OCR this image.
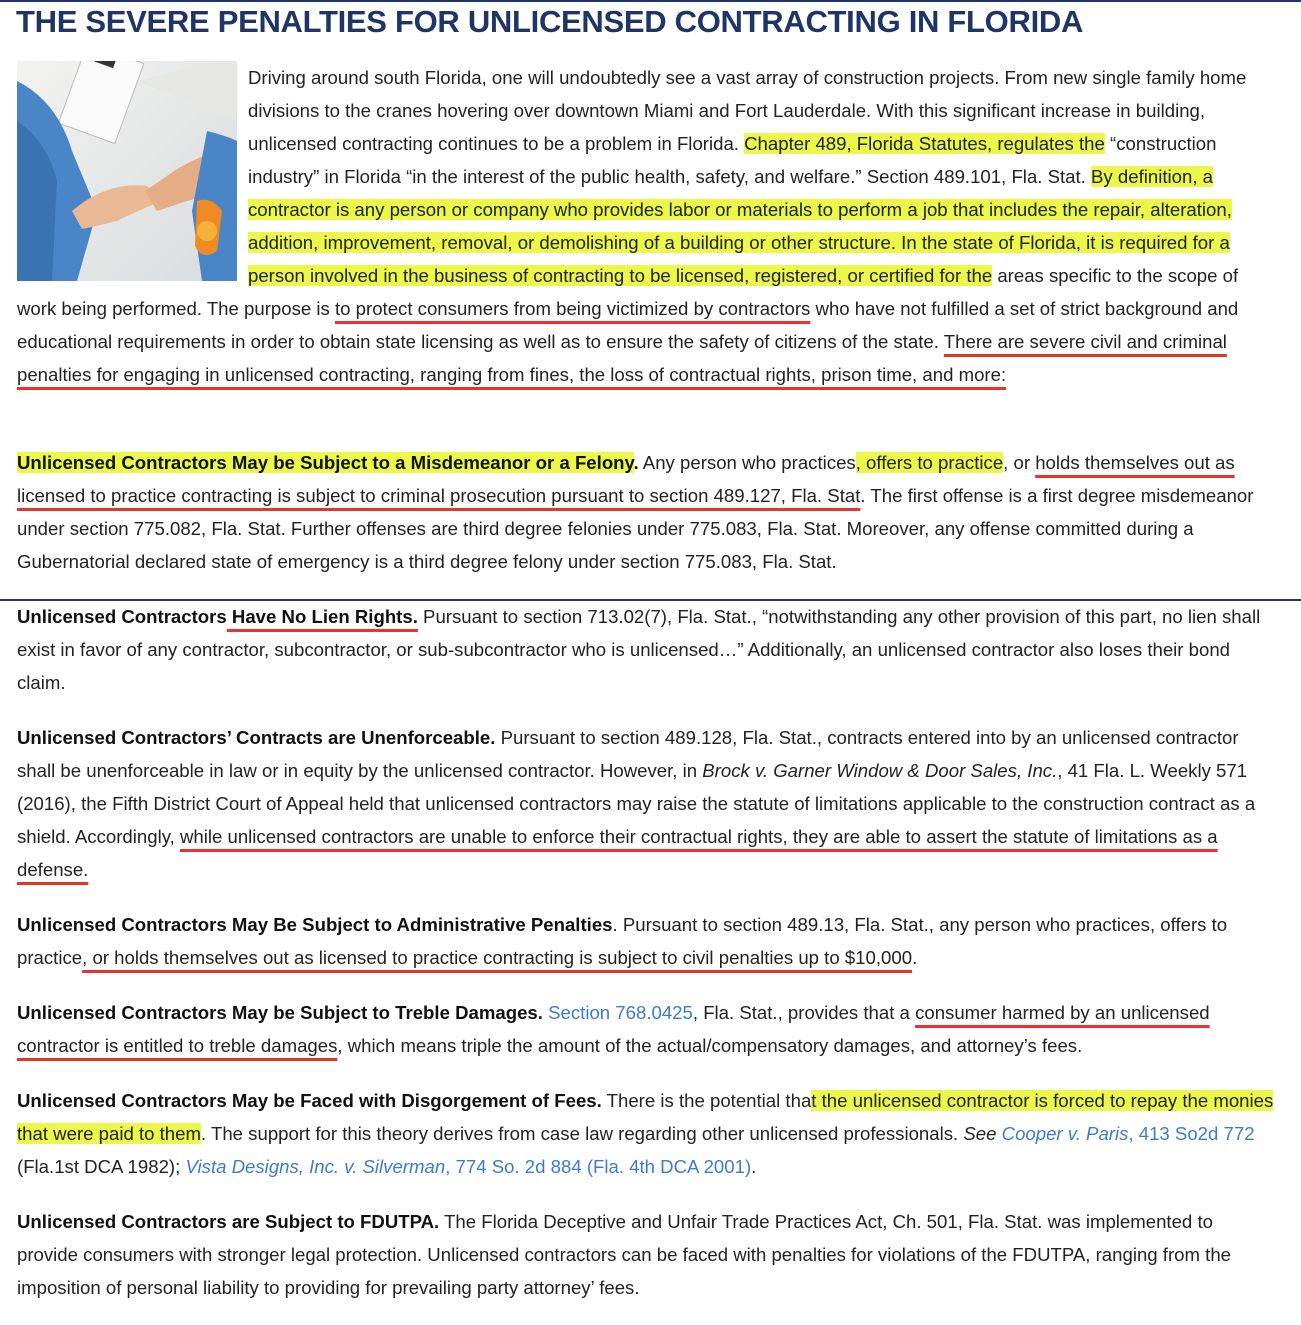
THE SEVERE PENALTIES FOR UNLICENSED CONTRACTING IN FLORIDA
Driving around south Florida, one will undoubtedly see a vast array of construction projects. From new single family home divisions to the cranes hovering over downtown Miami and Fort Lauderdale. With this significant increase in building, unlicensed contracting continues to be a problem in Florida. Chapter 489, Florida Statutes, regulates the “construction industry” in Florida “in the interest of the public health, safety, and welfare.” Section 489.101, Fla. Stat. By definition, a contractor is any person or company who provides labor or materials to perform a job that includes the repair, alteration, addition, improvement, removal, or demolishing of a building or other structure. In the state of Florida, it is required for a person involved in the business of contracting to be licensed, registered, or certified for the areas specific to the scope of work being performed. The purpose is to protect consumers from being victimized by contractors who have not fulfilled a set of strict background and educational requirements in order to obtain state licensing as well as to ensure the safety of citizens of the state. There are severe civil and criminal penalties for engaging in unlicensed contracting, ranging from fines, the loss of contractual rights, prison time, and more:
Unlicensed Contractors May be Subject to a Misdemeanor or a Felony. Any person who practices, offers to practice, or holds themselves out as licensed to practice contracting is subject to criminal prosecution pursuant to section 489.127, Fla. Stat. The first offense is a first degree misdemeanor under section 775.082, Fla. Stat. Further offenses are third degree felonies under 775.083, Fla. Stat. Moreover, any offense committed during a Gubernatorial declared state of emergency is a third degree felony under section 775.083, Fla. Stat.
Unlicensed Contractors Have No Lien Rights. Pursuant to section 713.02(7), Fla. Stat., “notwithstanding any other provision of this part, no lien shall exist in favor of any contractor, subcontractor, or sub-subcontractor who is unlicensed…” Additionally, an unlicensed contractor also loses their bond claim.
Unlicensed Contractors’ Contracts are Unenforceable. Pursuant to section 489.128, Fla. Stat., contracts entered into by an unlicensed contractor shall be unenforceable in law or in equity by the unlicensed contractor. However, in Brock v. Garner Window & Door Sales, Inc., 41 Fla. L. Weekly 571 (2016), the Fifth District Court of Appeal held that unlicensed contractors may raise the statute of limitations applicable to the construction contract as a shield. Accordingly, while unlicensed contractors are unable to enforce their contractual rights, they are able to assert the statute of limitations as a defense.
Unlicensed Contractors May Be Subject to Administrative Penalties. Pursuant to section 489.13, Fla. Stat., any person who practices, offers to practice, or holds themselves out as licensed to practice contracting is subject to civil penalties up to $10,000.
Unlicensed Contractors May be Subject to Treble Damages. Section 768.0425, Fla. Stat., provides that a consumer harmed by an unlicensed contractor is entitled to treble damages, which means triple the amount of the actual/compensatory damages, and attorney’s fees.
Unlicensed Contractors May be Faced with Disgorgement of Fees. There is the potential that the unlicensed contractor is forced to repay the monies that were paid to them. The support for this theory derives from case law regarding other unlicensed professionals. See Cooper v. Paris, 413 So2d 772 (Fla.1st DCA 1982); Vista Designs, Inc. v. Silverman, 774 So. 2d 884 (Fla. 4th DCA 2001).
Unlicensed Contractors are Subject to FDUTPA. The Florida Deceptive and Unfair Trade Practices Act, Ch. 501, Fla. Stat. was implemented to provide consumers with stronger legal protection. Unlicensed contractors can be faced with penalties for violations of the FDUTPA, ranging from the imposition of personal liability to providing for prevailing party attorney’ fees.
